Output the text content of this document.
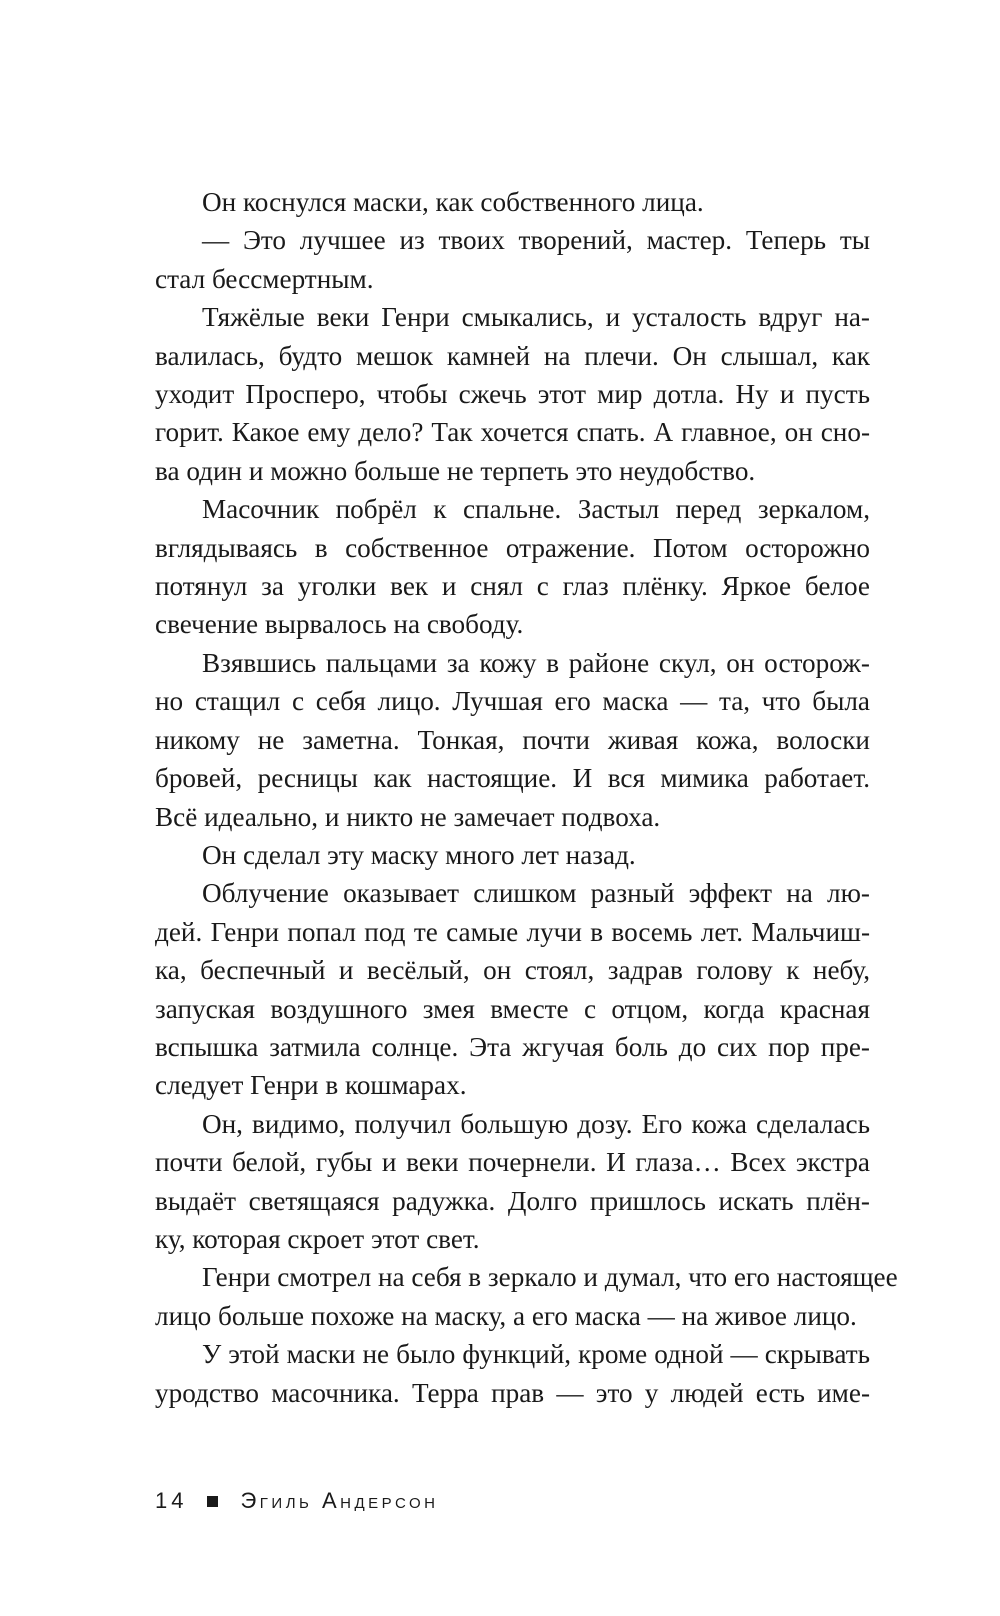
Он коснулся маски, как собственного лица.
— Это лучшее из твоих творений, мастер. Теперь ты
стал бессмертным.
Тяжёлые веки Генри смыкались, и усталость вдруг на-
валилась, будто мешок камней на плечи. Он слышал, как
уходит Просперо, чтобы сжечь этот мир дотла. Ну и пусть
горит. Какое ему дело? Так хочется спать. А главное, он сно-
ва один и можно больше не терпеть это неудобство.
Масочник побрёл к спальне. Застыл перед зеркалом,
вглядываясь в собственное отражение. Потом осторожно
потянул за уголки век и снял с глаз плёнку. Яркое белое
свечение вырвалось на свободу.
Взявшись пальцами за кожу в районе скул, он осторож-
но стащил с себя лицо. Лучшая его маска — та, что была
никому не заметна. Тонкая, почти живая кожа, волоски
бровей, ресницы как настоящие. И вся мимика работает.
Всё идеально, и никто не замечает подвоха.
Он сделал эту маску много лет назад.
Облучение оказывает слишком разный эффект на лю-
дей. Генри попал под те самые лучи в восемь лет. Мальчиш-
ка, беспечный и весёлый, он стоял, задрав голову к небу,
запуская воздушного змея вместе с отцом, когда красная
вспышка затмила солнце. Эта жгучая боль до сих пор пре-
следует Генри в кошмарах.
Он, видимо, получил большую дозу. Его кожа сделалась
почти белой, губы и веки почернели. И глаза… Всех экстра
выдаёт светящаяся радужка. Долго пришлось искать плён-
ку, которая скроет этот свет.
Генри смотрел на себя в зеркало и думал, что его настоящее
лицо больше похоже на маску, а его маска — на живое лицо.
У этой маски не было функций, кроме одной — скрывать
уродство масочника. Терра прав — это у людей есть име-
14 Эгиль Андерсон
